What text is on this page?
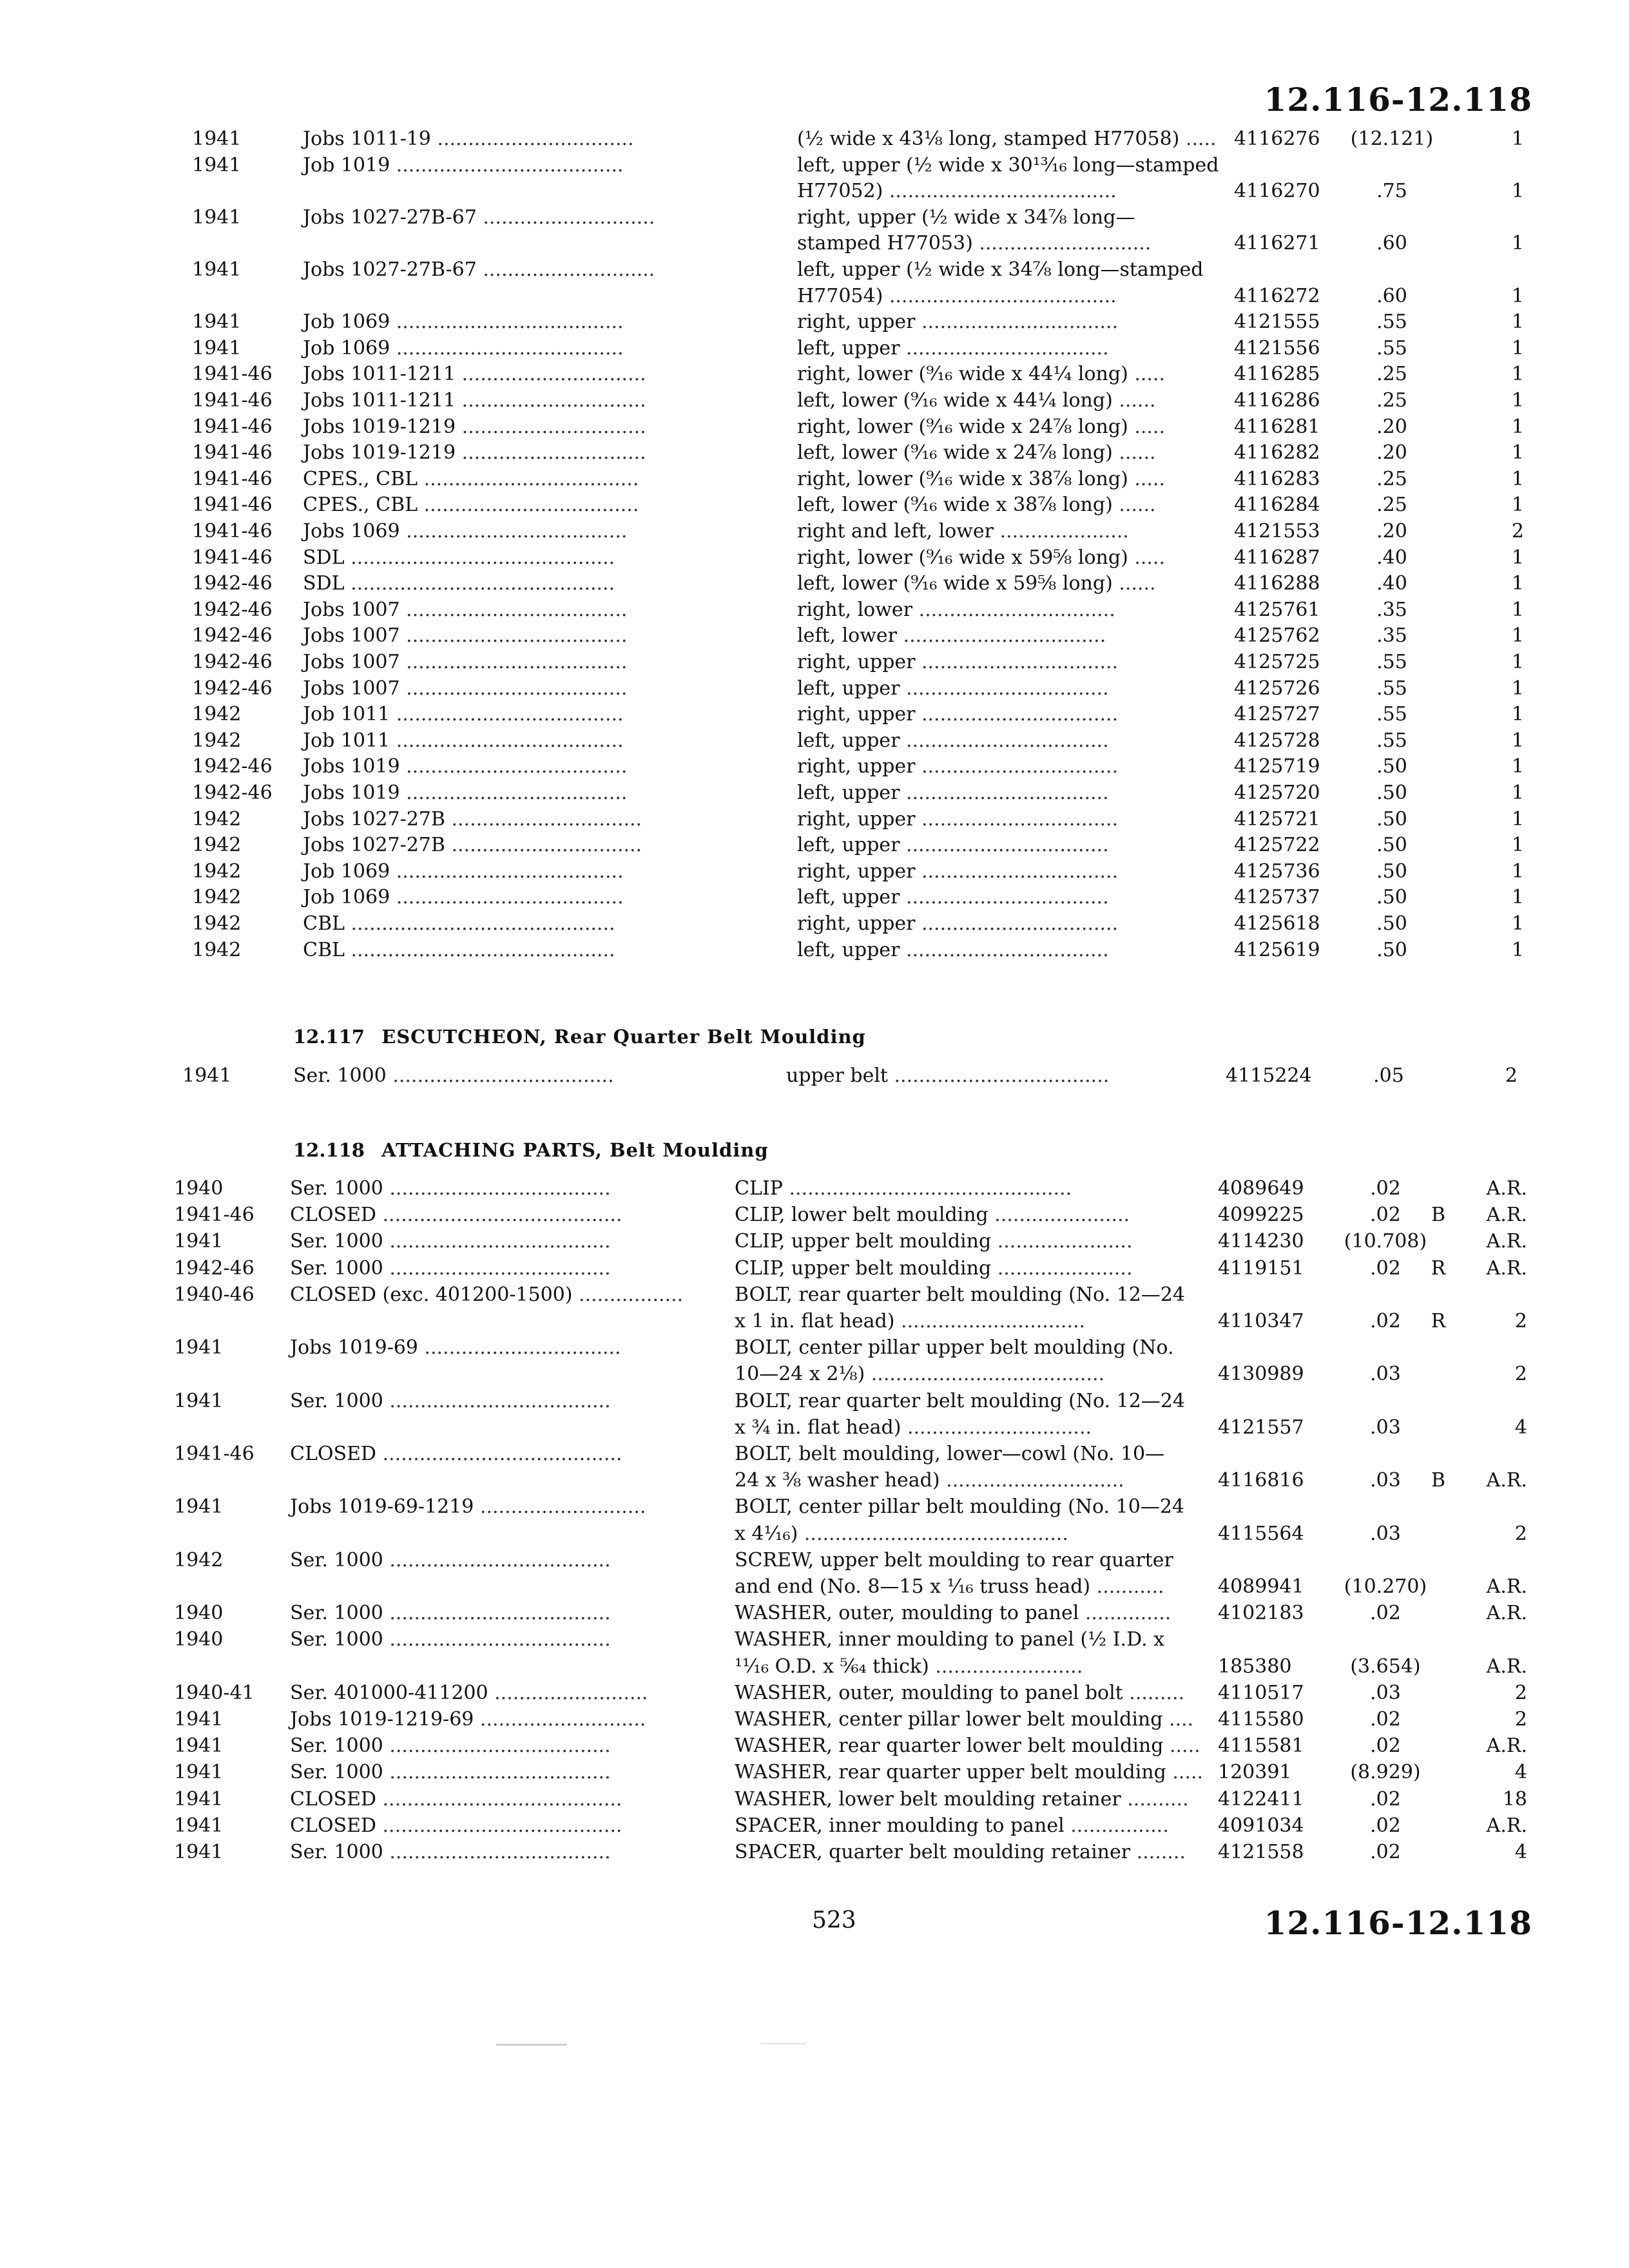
12.116-12.118
1941	Jobs 1011-19 ................................	(½ wide x 43⅛ long, stamped H77058) ..... 4116276	(12.121)	1
1941	Job 1019 .....................................	left, upper (½ wide x 30¹³⁄₁₆ long—stamped
H77052) .....................................	4116270	.75	1
1941	Jobs 1027-27B-67 ............................	right, upper (½ wide x 34⅞ long—
stamped H77053) ............................	4116271	.60	1
1941	Jobs 1027-27B-67 ............................	left, upper (½ wide x 34⅞ long—stamped
H77054) .....................................	4116272	.60	1
1941	Job 1069 .....................................	right, upper ................................	4121555	.55	1
1941	Job 1069 .....................................	left, upper .................................	4121556	.55	1
1941-46	Jobs 1011-1211 ..............................	right, lower (⁹⁄₁₆ wide x 44¼ long) .....	4116285	.25	1
1941-46	Jobs 1011-1211 ..............................	left, lower (⁹⁄₁₆ wide x 44¼ long) ......	4116286	.25	1
1941-46	Jobs 1019-1219 ..............................	right, lower (⁹⁄₁₆ wide x 24⅞ long) .....	4116281	.20	1
1941-46	Jobs 1019-1219 ..............................	left, lower (⁹⁄₁₆ wide x 24⅞ long) ......	4116282	.20	1
1941-46	CPES., CBL ...................................	right, lower (⁹⁄₁₆ wide x 38⅞ long) .....	4116283	.25	1
1941-46	CPES., CBL ...................................	left, lower (⁹⁄₁₆ wide x 38⅞ long) ......	4116284	.25	1
1941-46	Jobs 1069 ....................................	right and left, lower .....................	4121553	.20	2
1941-46	SDL ...........................................	right, lower (⁹⁄₁₆ wide x 59⅝ long) .....	4116287	.40	1
1942-46	SDL ...........................................	left, lower (⁹⁄₁₆ wide x 59⅝ long) ......	4116288	.40	1
1942-46	Jobs 1007 ....................................	right, lower ................................	4125761	.35	1
1942-46	Jobs 1007 ....................................	left, lower .................................	4125762	.35	1
1942-46	Jobs 1007 ....................................	right, upper ................................	4125725	.55	1
1942-46	Jobs 1007 ....................................	left, upper .................................	4125726	.55	1
1942	Job 1011 .....................................	right, upper ................................	4125727	.55	1
1942	Job 1011 .....................................	left, upper .................................	4125728	.55	1
1942-46	Jobs 1019 ....................................	right, upper ................................	4125719	.50	1
1942-46	Jobs 1019 ....................................	left, upper .................................	4125720	.50	1
1942	Jobs 1027-27B ...............................	right, upper ................................	4125721	.50	1
1942	Jobs 1027-27B ...............................	left, upper .................................	4125722	.50	1
1942	Job 1069 .....................................	right, upper ................................	4125736	.50	1
1942	Job 1069 .....................................	left, upper .................................	4125737	.50	1
1942	CBL ...........................................	right, upper ................................	4125618	.50	1
1942	CBL ...........................................	left, upper .................................	4125619	.50	1
12.117 ESCUTCHEON, Rear Quarter Belt Moulding
1941	Ser. 1000 ....................................	upper belt ...................................	4115224	.05	2
12.118 ATTACHING PARTS, Belt Moulding
1940	Ser. 1000 ....................................	CLIP ..............................................	4089649	.02	A.R.
1941-46	CLOSED .......................................	CLIP, lower belt moulding ......................	4099225	.02	B	A.R.
1941	Ser. 1000 ....................................	CLIP, upper belt moulding ......................	4114230	(10.708)	A.R.
1942-46	Ser. 1000 ....................................	CLIP, upper belt moulding ......................	4119151	.02	R	A.R.
1940-46	CLOSED (exc. 401200-1500) .................	BOLT, rear quarter belt moulding (No. 12—24
x 1 in. flat head) ..............................	4110347	.02	R	2
1941	Jobs 1019-69 ................................	BOLT, center pillar upper belt moulding (No.
10—24 x 2⅛) ......................................	4130989	.03	2
1941	Ser. 1000 ....................................	BOLT, rear quarter belt moulding (No. 12—24
x ¾ in. flat head) ..............................	4121557	.03	4
1941-46	CLOSED .......................................	BOLT, belt moulding, lower—cowl (No. 10—
24 x ⅜ washer head) .............................	4116816	.03	B	A.R.
1941	Jobs 1019-69-1219 ...........................	BOLT, center pillar belt moulding (No. 10—24
x 4⅟₁₆) ...........................................	4115564	.03	2
1942	Ser. 1000 ....................................	SCREW, upper belt moulding to rear quarter
and end (No. 8—15 x ⅟₁₆ truss head) ...........	4089941	(10.270)	A.R.
1940	Ser. 1000 ....................................	WASHER, outer, moulding to panel ..............	4102183	.02	A.R.
1940	Ser. 1000 ....................................	WASHER, inner moulding to panel (½ I.D. x
¹¹⁄₁₆ O.D. x ⁵⁄₆₄ thick) ........................	185380	(3.654)	A.R.
1940-41	Ser. 401000-411200 .........................	WASHER, outer, moulding to panel bolt .........	4110517	.03	2
1941	Jobs 1019-1219-69 ...........................	WASHER, center pillar lower belt moulding .... 4115580	.02	2
1941	Ser. 1000 ....................................	WASHER, rear quarter lower belt moulding ..... 4115581	.02	A.R.
1941	Ser. 1000 ....................................	WASHER, rear quarter upper belt moulding ..... 120391	(8.929)	4
1941	CLOSED .......................................	WASHER, lower belt moulding retainer ..........	4122411	.02	18
1941	CLOSED .......................................	SPACER, inner moulding to panel ................	4091034	.02	A.R.
1941	Ser. 1000 ....................................	SPACER, quarter belt moulding retainer ........	4121558	.02	4
523	12.116-12.118
